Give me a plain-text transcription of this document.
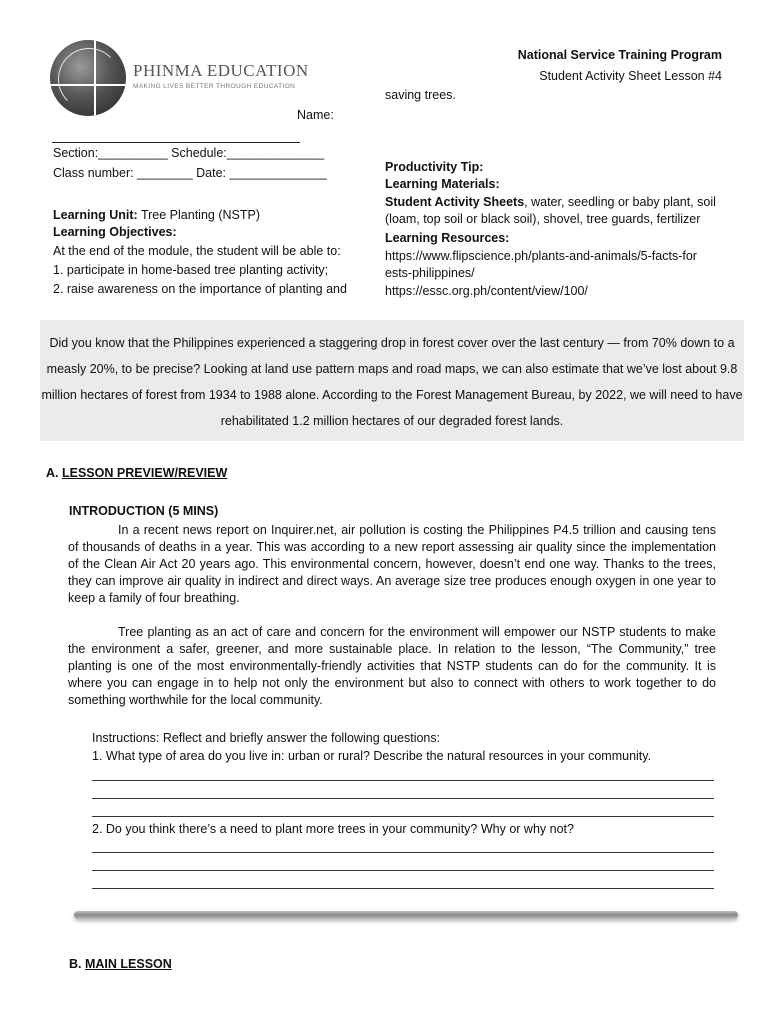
PHINMA EDUCATION
MAKING LIVES BETTER THROUGH EDUCATION
National Service Training Program
Student Activity Sheet Lesson #4
saving trees.
Name:
Section:__________ Schedule:______________
Class number: ________ Date: ______________
Learning Unit: Tree Planting (NSTP)
Learning Objectives:
At the end of the module, the student will be able to:
1. participate in home-based tree planting activity;
2. raise awareness on the importance of planting and
Productivity Tip:
Learning Materials:
Student Activity Sheets, water, seedling or baby plant, soil
(loam, top soil or black soil), shovel, tree guards, fertilizer
Learning Resources:
https://www.flipscience.ph/plants-and-animals/5-facts-for
ests-philippines/
https://essc.org.ph/content/view/100/

Did you know that the Philippines experienced a staggering drop in forest cover over the last century — from 70% down to a measly 20%, to be precise? Looking at land use pattern maps and road maps, we can also estimate that we’ve lost about 9.8 million hectares of forest from 1934 to 1988 alone. According to the Forest Management Bureau, by 2022, we will need to have rehabilitated 1.2 million hectares of our degraded forest lands.

A. LESSON PREVIEW/REVIEW
INTRODUCTION (5 MINS)
In a recent news report on Inquirer.net, air pollution is costing the Philippines P4.5 trillion and causing tens of thousands of deaths in a year. This was according to a new report assessing air quality since the implementation of the Clean Air Act 20 years ago. This environmental concern, however, doesn’t end one way. Thanks to the trees, they can improve air quality in indirect and direct ways. An average size tree produces enough oxygen in one year to keep a family of four breathing.
Tree planting as an act of care and concern for the environment will empower our NSTP students to make the environment a safer, greener, and more sustainable place. In relation to the lesson, “The Community,” tree planting is one of the most environmentally-friendly activities that NSTP students can do for the community. It is where you can engage in to help not only the environment but also to connect with others to work together to do something worthwhile for the local community.
Instructions: Reflect and briefly answer the following questions:
1. What type of area do you live in: urban or rural? Describe the natural resources in your community.
2. Do you think there’s a need to plant more trees in your community? Why or why not?
B. MAIN LESSON
